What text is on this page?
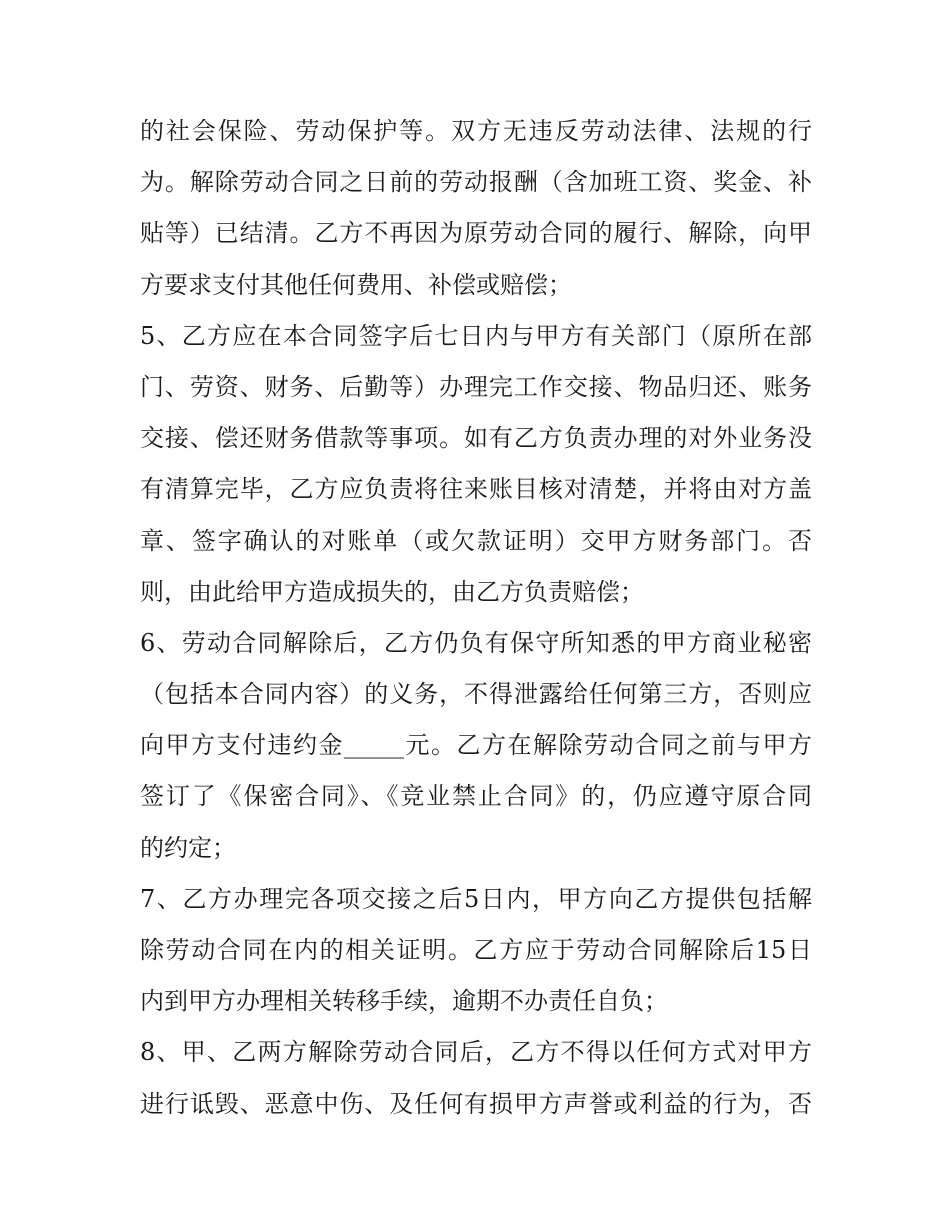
的社会保险、劳动保护等。双方无违反劳动法律、法规的行
为。解除劳动合同之日前的劳动报酬（含加班工资、奖金、补
贴等）已结清。乙方不再因为原劳动合同的履行、解除，向甲
方要求支付其他任何费用、补偿或赔偿；
5、乙方应在本合同签字后七日内与甲方有关部门（原所在部
门、劳资、财务、后勤等）办理完工作交接、物品归还、账务
交接、偿还财务借款等事项。如有乙方负责办理的对外业务没
有清算完毕，乙方应负责将往来账目核对清楚，并将由对方盖
章、签字确认的对账单（或欠款证明）交甲方财务部门。否
则，由此给甲方造成损失的，由乙方负责赔偿；
6、劳动合同解除后，乙方仍负有保守所知悉的甲方商业秘密
（包括本合同内容）的义务，不得泄露给任何第三方，否则应
向甲方支付违约金_____元。乙方在解除劳动合同之前与甲方
签订了《保密合同》、《竞业禁止合同》的，仍应遵守原合同
的约定；
7、乙方办理完各项交接之后5日内，甲方向乙方提供包括解
除劳动合同在内的相关证明。乙方应于劳动合同解除后15日
内到甲方办理相关转移手续，逾期不办责任自负；
8、甲、乙两方解除劳动合同后，乙方不得以任何方式对甲方
进行诋毁、恶意中伤、及任何有损甲方声誉或利益的行为，否
